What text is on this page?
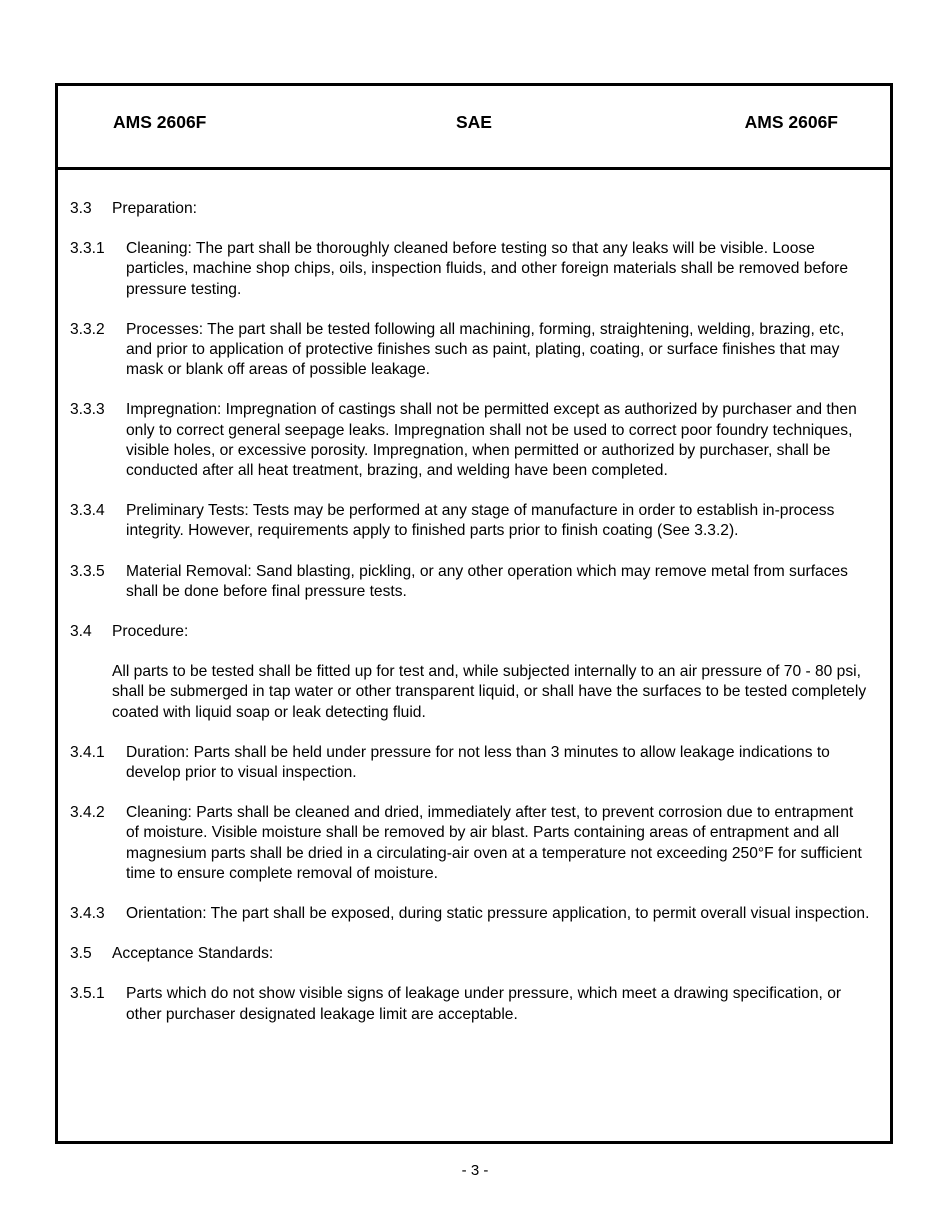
AMS 2606F	SAE	AMS 2606F
3.3	Preparation:
3.3.1	Cleaning: The part shall be thoroughly cleaned before testing so that any leaks will be visible. Loose particles, machine shop chips, oils, inspection fluids, and other foreign materials shall be removed before pressure testing.
3.3.2	Processes: The part shall be tested following all machining, forming, straightening, welding, brazing, etc, and prior to application of protective finishes such as paint, plating, coating, or surface finishes that may mask or blank off areas of possible leakage.
3.3.3	Impregnation: Impregnation of castings shall not be permitted except as authorized by purchaser and then only to correct general seepage leaks. Impregnation shall not be used to correct poor foundry techniques, visible holes, or excessive porosity. Impregnation, when permitted or authorized by purchaser, shall be conducted after all heat treatment, brazing, and welding have been completed.
3.3.4	Preliminary Tests: Tests may be performed at any stage of manufacture in order to establish in-process integrity. However, requirements apply to finished parts prior to finish coating (See 3.3.2).
3.3.5	Material Removal: Sand blasting, pickling, or any other operation which may remove metal from surfaces shall be done before final pressure tests.
3.4	Procedure:
All parts to be tested shall be fitted up for test and, while subjected internally to an air pressure of 70 - 80 psi, shall be submerged in tap water or other transparent liquid, or shall have the surfaces to be tested completely coated with liquid soap or leak detecting fluid.
3.4.1	Duration: Parts shall be held under pressure for not less than 3 minutes to allow leakage indications to develop prior to visual inspection.
3.4.2	Cleaning: Parts shall be cleaned and dried, immediately after test, to prevent corrosion due to entrapment of moisture. Visible moisture shall be removed by air blast. Parts containing areas of entrapment and all magnesium parts shall be dried in a circulating-air oven at a temperature not exceeding 250°F for sufficient time to ensure complete removal of moisture.
3.4.3	Orientation: The part shall be exposed, during static pressure application, to permit overall visual inspection.
3.5	Acceptance Standards:
3.5.1	Parts which do not show visible signs of leakage under pressure, which meet a drawing specification, or other purchaser designated leakage limit are acceptable.
- 3 -
